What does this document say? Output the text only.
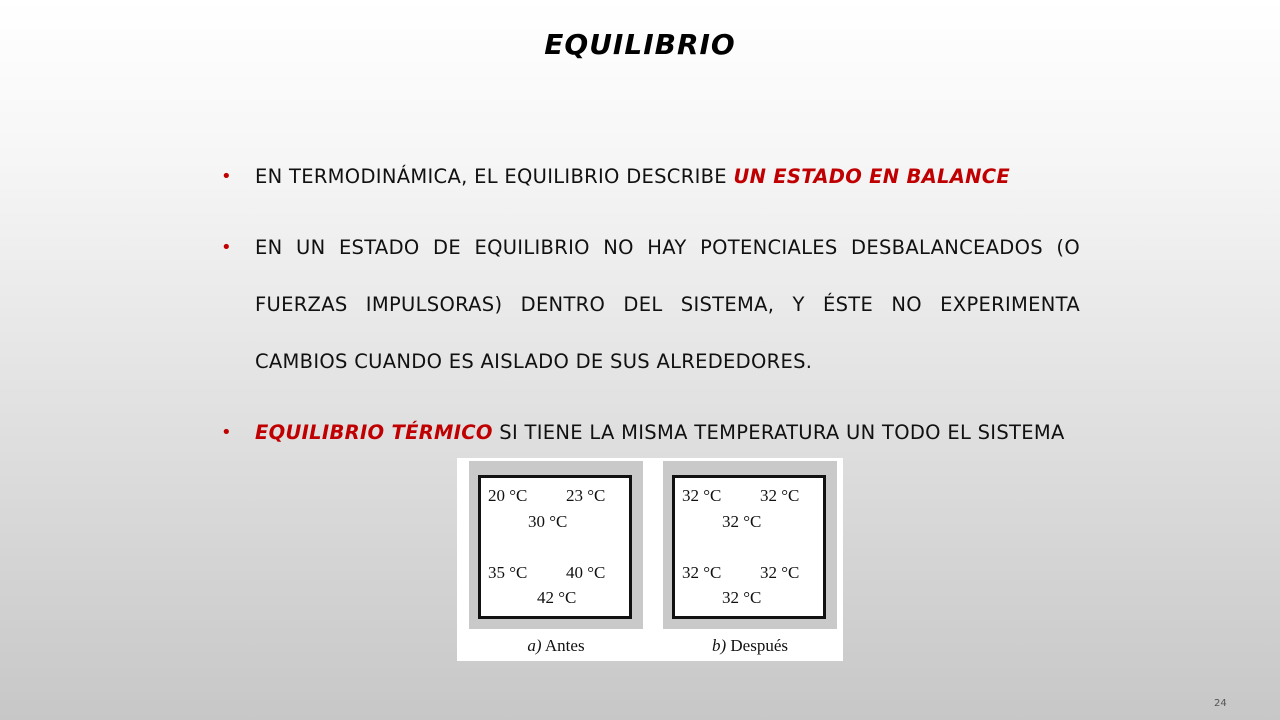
EQUILIBRIO
• EN TERMODINÁMICA, EL EQUILIBRIO DESCRIBE UN ESTADO EN BALANCE
• EN UN ESTADO DE EQUILIBRIO NO HAY POTENCIALES DESBALANCEADOS (O FUERZAS IMPULSORAS) DENTRO DEL SISTEMA, Y ÉSTE NO EXPERIMENTA CAMBIOS CUANDO ES AISLADO DE SUS ALREDEDORES.
• EQUILIBRIO TÉRMICO SI TIENE LA MISMA TEMPERATURA UN TODO EL SISTEMA
20 °C 23 °C
30 °C
35 °C 40 °C
42 °C
a) Antes
32 °C 32 °C
32 °C
32 °C 32 °C
32 °C
b) Después
24
